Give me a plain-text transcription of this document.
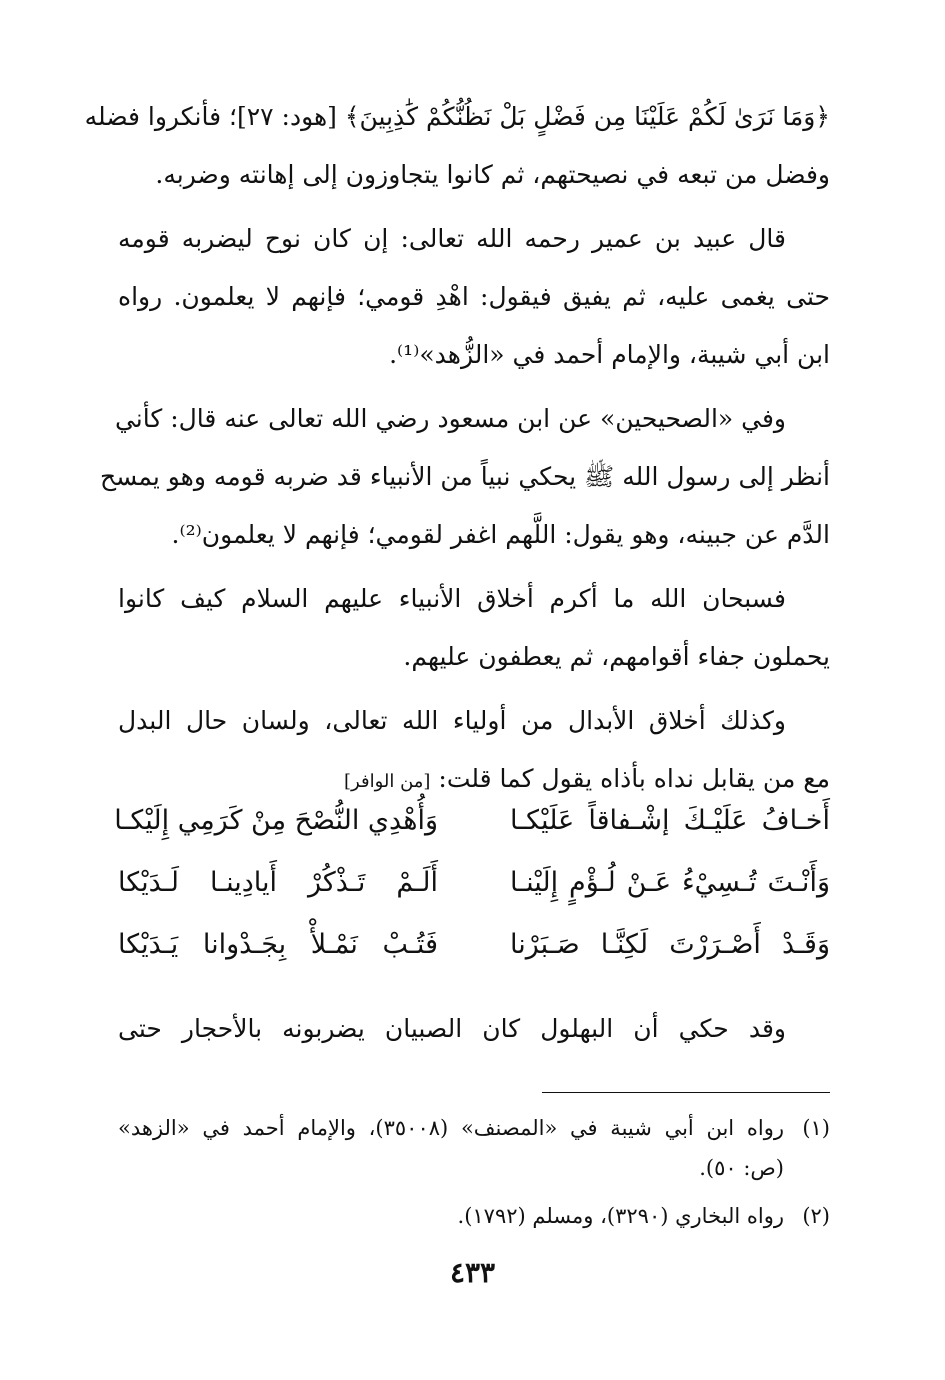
﴿وَمَا نَرَىٰ لَكُمْ عَلَيْنَا مِن فَضْلٍ بَلْ نَظُنُّكُمْ كَٰذِبِينَ﴾ [هود: ٢٧]؛ فأنكروا فضله
وفضل من تبعه في نصيحتهم، ثم كانوا يتجاوزون إلى إهانته وضربه.
قال عبيد بن عمير رحمه الله تعالى: إن كان نوح ليضربه قومه
حتى يغمى عليه، ثم يفيق فيقول: اهْدِ قومي؛ فإنهم لا يعلمون. رواه
ابن أبي شيبة، والإمام أحمد في «الزُّهد»⁽¹⁾.
وفي «الصحيحين» عن ابن مسعود رضي الله تعالى عنه قال: كأني
أنظر إلى رسول الله ﷺ يحكي نبياً من الأنبياء قد ضربه قومه وهو يمسح
الدَّم عن جبينه، وهو يقول: اللَّهم اغفر لقومي؛ فإنهم لا يعلمون⁽²⁾.
فسبحان الله ما أكرم أخلاق الأنبياء عليهم السلام كيف كانوا
يحملون جفاء أقوامهم، ثم يعطفون عليهم.
وكذلك أخلاق الأبدال من أولياء الله تعالى، ولسان حال البدل
مع من يقابل نداه بأذاه يقول كما قلت: [من الوافر]
أَخـافُ عَلَيْـكَ إشْـفاقاً عَلَيْكـا
وَأُهْدِي النُّصْحَ مِنْ كَرَمِي إِلَيْكـا
وَأَنْـتَ تُـسِيْءُ عَـنْ لُـؤْمٍ إِلَيْنـا
أَلَـمْ تَـذْكُرْ أَيادِينـا لَـدَيْكا
وَقَـدْ أَصْـرَرْتَ لَكِنَّـا صَـبَرْنا
فَتُـبْ نَمْـلأْ بِجَـدْوانا يَـدَيْكا
وقد حكي أن البهلول كان الصبيان يضربونه بالأحجار حتى
(١)
رواه ابن أبي شيبة في «المصنف» (٣٥٠٠٨)، والإمام أحمد في «الزهد»
(ص: ٥٠).
(٢)
رواه البخاري (٣٢٩٠)، ومسلم (١٧٩٢).
٤٣٣
